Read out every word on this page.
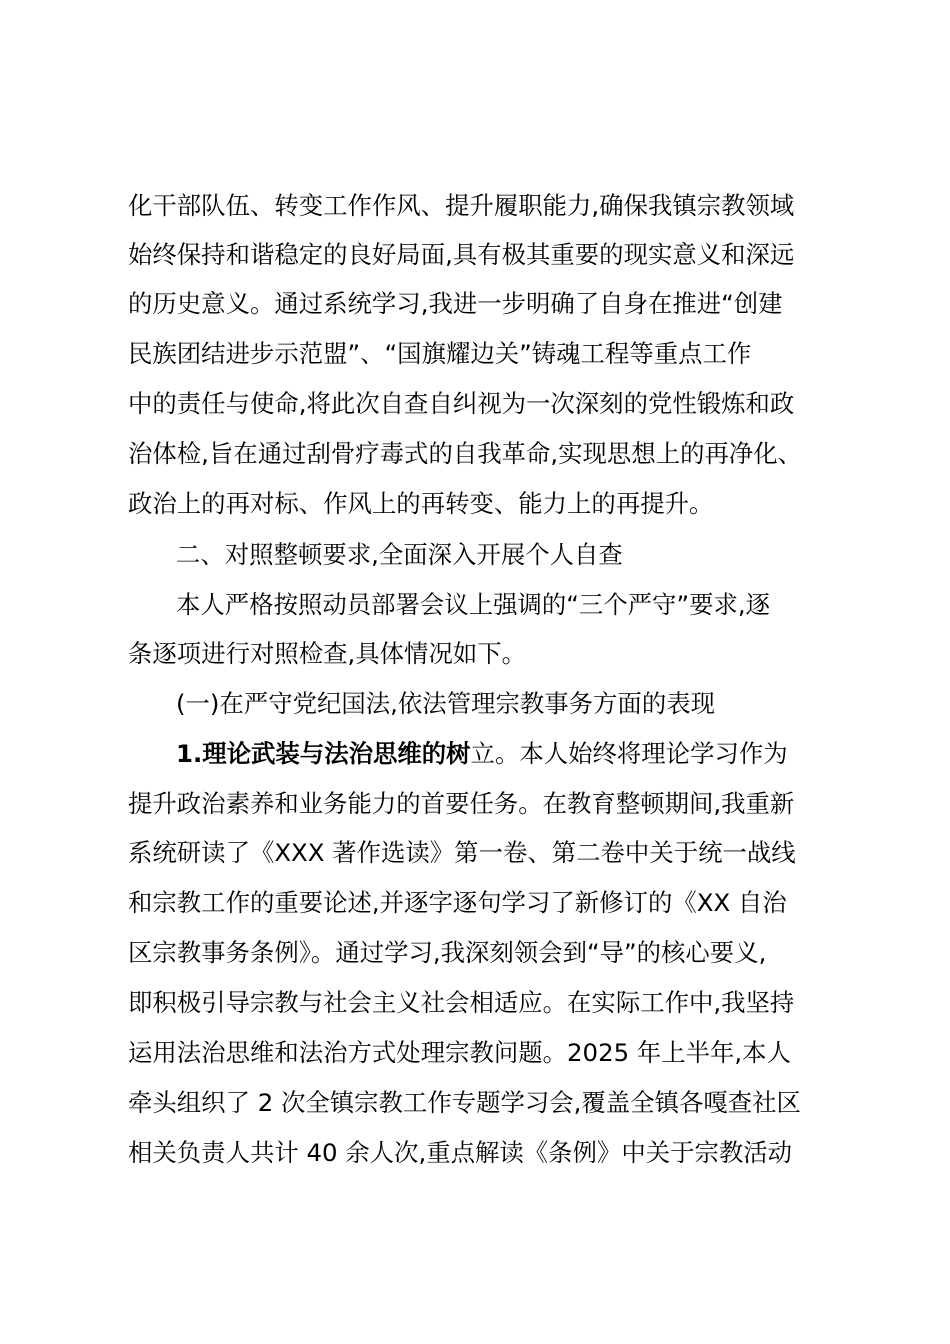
化干部队伍、转变工作作风、提升履职能力,确保我镇宗教领域
始终保持和谐稳定的良好局面,具有极其重要的现实意义和深远
的历史意义。通过系统学习,我进一步明确了自身在推进“创建
民族团结进步示范盟”、“国旗耀边关”铸魂工程等重点工作
中的责任与使命,将此次自查自纠视为一次深刻的党性锻炼和政
治体检,旨在通过刮骨疗毒式的自我革命,实现思想上的再净化、
政治上的再对标、作风上的再转变、能力上的再提升。
二、对照整顿要求,全面深入开展个人自查
本人严格按照动员部署会议上强调的“三个严守”要求,逐
条逐项进行对照检查,具体情况如下。
(一)在严守党纪国法,依法管理宗教事务方面的表现
1.理论武装与法治思维的树立。本人始终将理论学习作为
提升政治素养和业务能力的首要任务。在教育整顿期间,我重新
系统研读了《XXX 著作选读》第一卷、第二卷中关于统一战线
和宗教工作的重要论述,并逐字逐句学习了新修订的《XX 自治
区宗教事务条例》。通过学习,我深刻领会到“导”的核心要义,
即积极引导宗教与社会主义社会相适应。在实际工作中,我坚持
运用法治思维和法治方式处理宗教问题。2025 年上半年,本人
牵头组织了 2 次全镇宗教工作专题学习会,覆盖全镇各嘎查社区
相关负责人共计 40 余人次,重点解读《条例》中关于宗教活动
